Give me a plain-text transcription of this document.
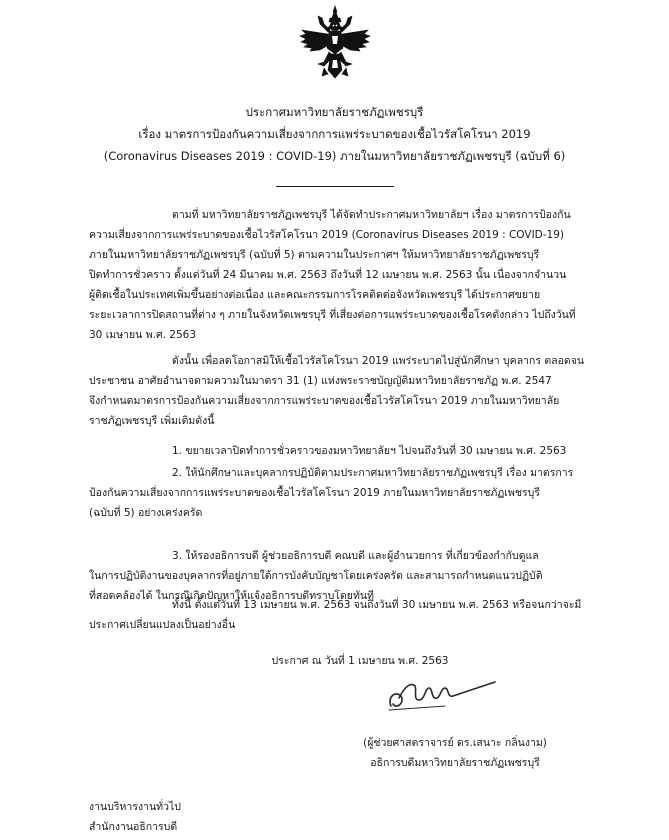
ประกาศมหาวิทยาลัยราชภัฏเพชรบุรี
เรื่อง มาตรการป้องกันความเสี่ยงจากการแพร่ระบาดของเชื้อไวรัสโคโรนา 2019
(Coronavirus Diseases 2019 : COVID-19) ภายในมหาวิทยาลัยราชภัฏเพชรบุรี (ฉบับที่ 6)
ตามที่ มหาวิทยาลัยราชภัฏเพชรบุรี ได้จัดทำประกาศมหาวิทยาลัยฯ เรื่อง มาตรการป้องกัน
ความเสี่ยงจากการแพร่ระบาดของเชื้อไวรัสโคโรนา 2019 (Coronavirus Diseases 2019 : COVID-19)
ภายในมหาวิทยาลัยราชภัฏเพชรบุรี (ฉบับที่ 5) ตามความในประกาศฯ ให้มหาวิทยาลัยราชภัฏเพชรบุรี
ปิดทำการชั่วคราว ตั้งแต่วันที่ 24 มีนาคม พ.ศ. 2563 ถึงวันที่ 12 เมษายน พ.ศ. 2563 นั้น เนื่องจากจำนวน
ผู้ติดเชื้อในประเทศเพิ่มขึ้นอย่างต่อเนื่อง และคณะกรรมการโรคติดต่อจังหวัดเพชรบุรี ได้ประกาศขยาย
ระยะเวลาการปิดสถานที่ต่าง ๆ ภายในจังหวัดเพชรบุรี ที่เสี่ยงต่อการแพร่ระบาดของเชื้อโรคดังกล่าว ไปถึงวันที่
30 เมษายน พ.ศ. 2563
ดังนั้น เพื่อลดโอกาสมิให้เชื้อไวรัสโคโรนา 2019 แพร่ระบาดไปสู่นักศึกษา บุคลากร ตลอดจน
ประชาชน อาศัยอำนาจตามความในมาตรา 31 (1) แห่งพระราชบัญญัติมหาวิทยาลัยราชภัฏ พ.ศ. 2547
จึงกำหนดมาตรการป้องกันความเสี่ยงจากการแพร่ระบาดของเชื้อไวรัสโคโรนา 2019 ภายในมหาวิทยาลัย
ราชภัฏเพชรบุรี เพิ่มเติมดังนี้
1. ขยายเวลาปิดทำการชั่วคราวของมหาวิทยาลัยฯ ไปจนถึงวันที่ 30 เมษายน พ.ศ. 2563
2. ให้นักศึกษาและบุคลากรปฏิบัติตามประกาศมหาวิทยาลัยราชภัฏเพชรบุรี เรื่อง มาตรการ
ป้องกันความเสี่ยงจากการแพร่ระบาดของเชื้อไวรัสโคโรนา 2019 ภายในมหาวิทยาลัยราชภัฏเพชรบุรี
(ฉบับที่ 5) อย่างเคร่งครัด
3. ให้รองอธิการบดี ผู้ช่วยอธิการบดี คณบดี และผู้อำนวยการ ที่เกี่ยวข้องกำกับดูแล
ในการปฏิบัติงานของบุคลากรที่อยู่ภายใต้การบังคับบัญชาโดยเคร่งครัด และสามารถกำหนดแนวปฏิบัติ
ที่สอดคล้องได้ ในกรณีเกิดปัญหาให้แจ้งอธิการบดีทราบโดยทันที
ทั้งนี้ ตั้งแต่วันที่ 13 เมษายน พ.ศ. 2563 จนถึงวันที่ 30 เมษายน พ.ศ. 2563 หรือจนกว่าจะมี
ประกาศเปลี่ยนแปลงเป็นอย่างอื่น
ประกาศ ณ วันที่ 1 เมษายน พ.ศ. 2563
(ผู้ช่วยศาสตราจารย์ ดร.เสนาะ กลิ่นงาม)
อธิการบดีมหาวิทยาลัยราชภัฏเพชรบุรี
งานบริหารงานทั่วไป
สำนักงานอธิการบดี
